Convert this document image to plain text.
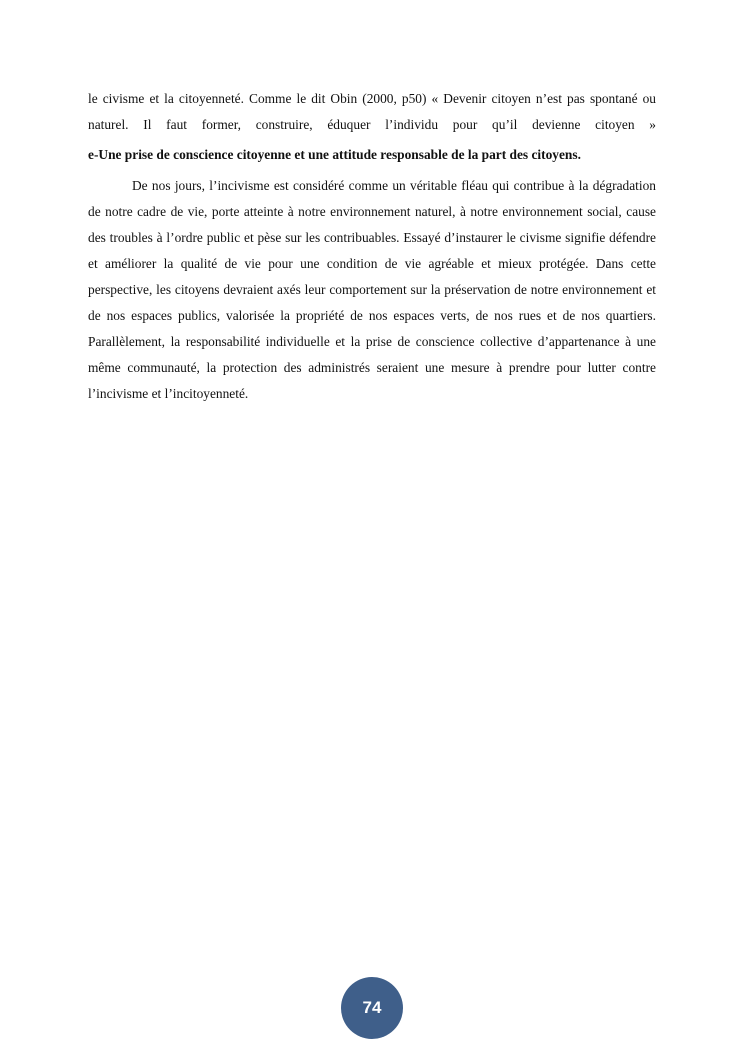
le civisme et la citoyenneté. Comme le dit Obin (2000, p50) « Devenir citoyen n’est pas spontané ou naturel. Il faut former, construire, éduquer l’individu pour qu’il devienne citoyen »

e-Une prise de conscience citoyenne et une attitude responsable de la part des citoyens.

De nos jours, l’incivisme est considéré comme un véritable fléau qui contribue à la dégradation de notre cadre de vie, porte atteinte à notre environnement naturel, à notre environnement social, cause des troubles à l’ordre public et pèse sur les contribuables. Essayé d’instaurer le civisme signifie défendre et améliorer la qualité de vie pour une condition de vie agréable et mieux protégée. Dans cette perspective, les citoyens devraient axés leur comportement sur la préservation de notre environnement et de nos espaces publics, valorisée la propriété de nos espaces verts, de nos rues et de nos quartiers. Parallèlement, la responsabilité individuelle et la prise de conscience collective d’appartenance à une même communauté, la protection des administrés seraient une mesure à prendre pour lutter contre l’incivisme et l’incitoyenneté.

74
